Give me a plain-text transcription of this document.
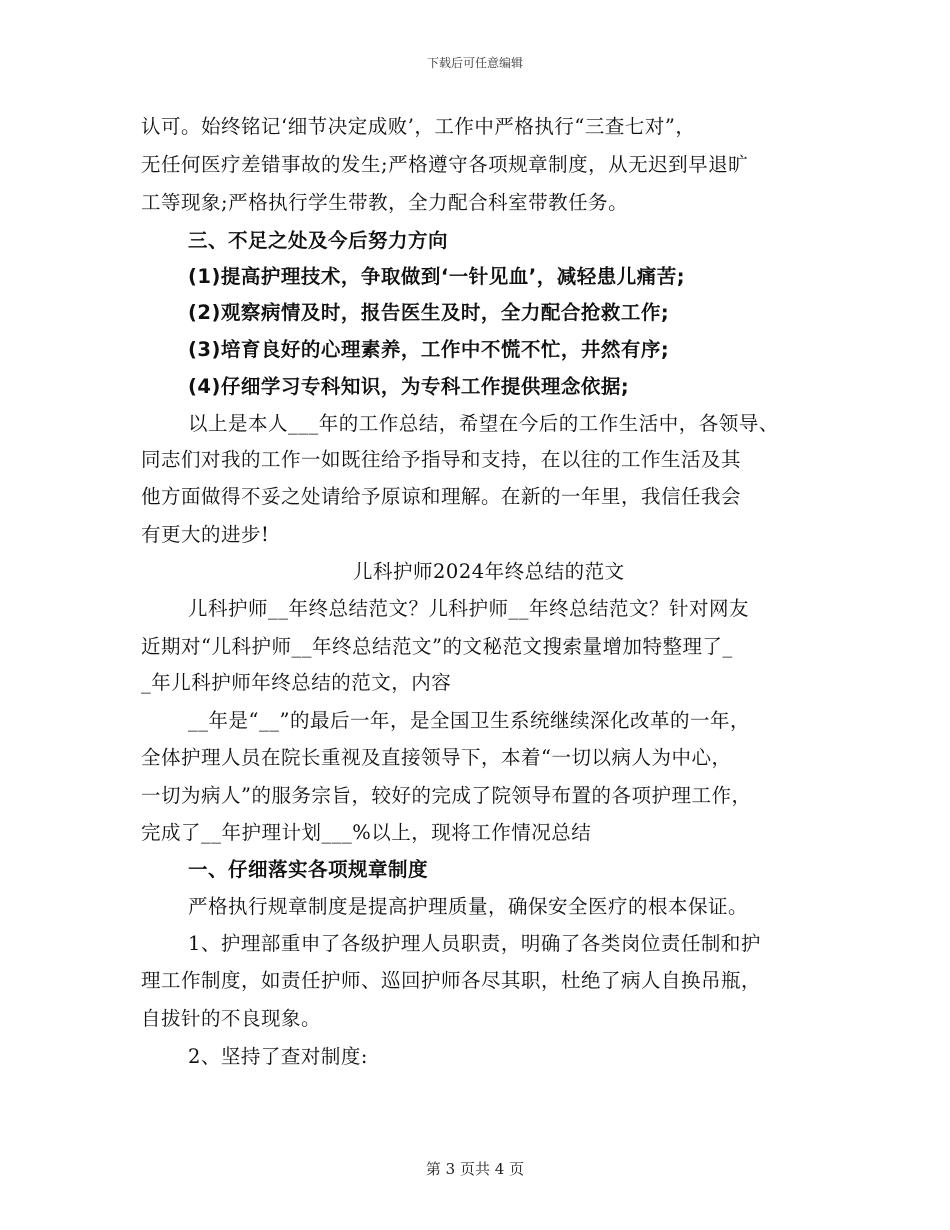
下载后可任意编辑
认可。始终铭记‘细节决定成败’，工作中严格执行“三查七对”，
无任何医疗差错事故的发生;严格遵守各项规章制度，从无迟到早退旷
工等现象;严格执行学生带教，全力配合科室带教任务。
三、不足之处及今后努力方向
(1)提高护理技术，争取做到‘一针见血’，减轻患儿痛苦;
(2)观察病情及时，报告医生及时，全力配合抢救工作;
(3)培育良好的心理素养，工作中不慌不忙，井然有序;
(4)仔细学习专科知识，为专科工作提供理念依据;
以上是本人___年的工作总结，希望在今后的工作生活中，各领导、
同志们对我的工作一如既往给予指导和支持，在以往的工作生活及其
他方面做得不妥之处请给予原谅和理解。在新的一年里，我信任我会
有更大的进步!
儿科护师2024年终总结的范文
儿科护师__年终总结范文？儿科护师__年终总结范文？针对网友
近期对“儿科护师__年终总结范文”的文秘范文搜索量增加特整理了_
_年儿科护师年终总结的范文，内容
__年是“__”的最后一年，是全国卫生系统继续深化改革的一年，
全体护理人员在院长重视及直接领导下，本着“一切以病人为中心，
一切为病人”的服务宗旨，较好的完成了院领导布置的各项护理工作，
完成了__年护理计划___%以上，现将工作情况总结
一、仔细落实各项规章制度
严格执行规章制度是提高护理质量，确保安全医疗的根本保证。
1、护理部重申了各级护理人员职责，明确了各类岗位责任制和护
理工作制度，如责任护师、巡回护师各尽其职，杜绝了病人自换吊瓶，
自拔针的不良现象。
2、坚持了查对制度:
第 3 页共 4 页
